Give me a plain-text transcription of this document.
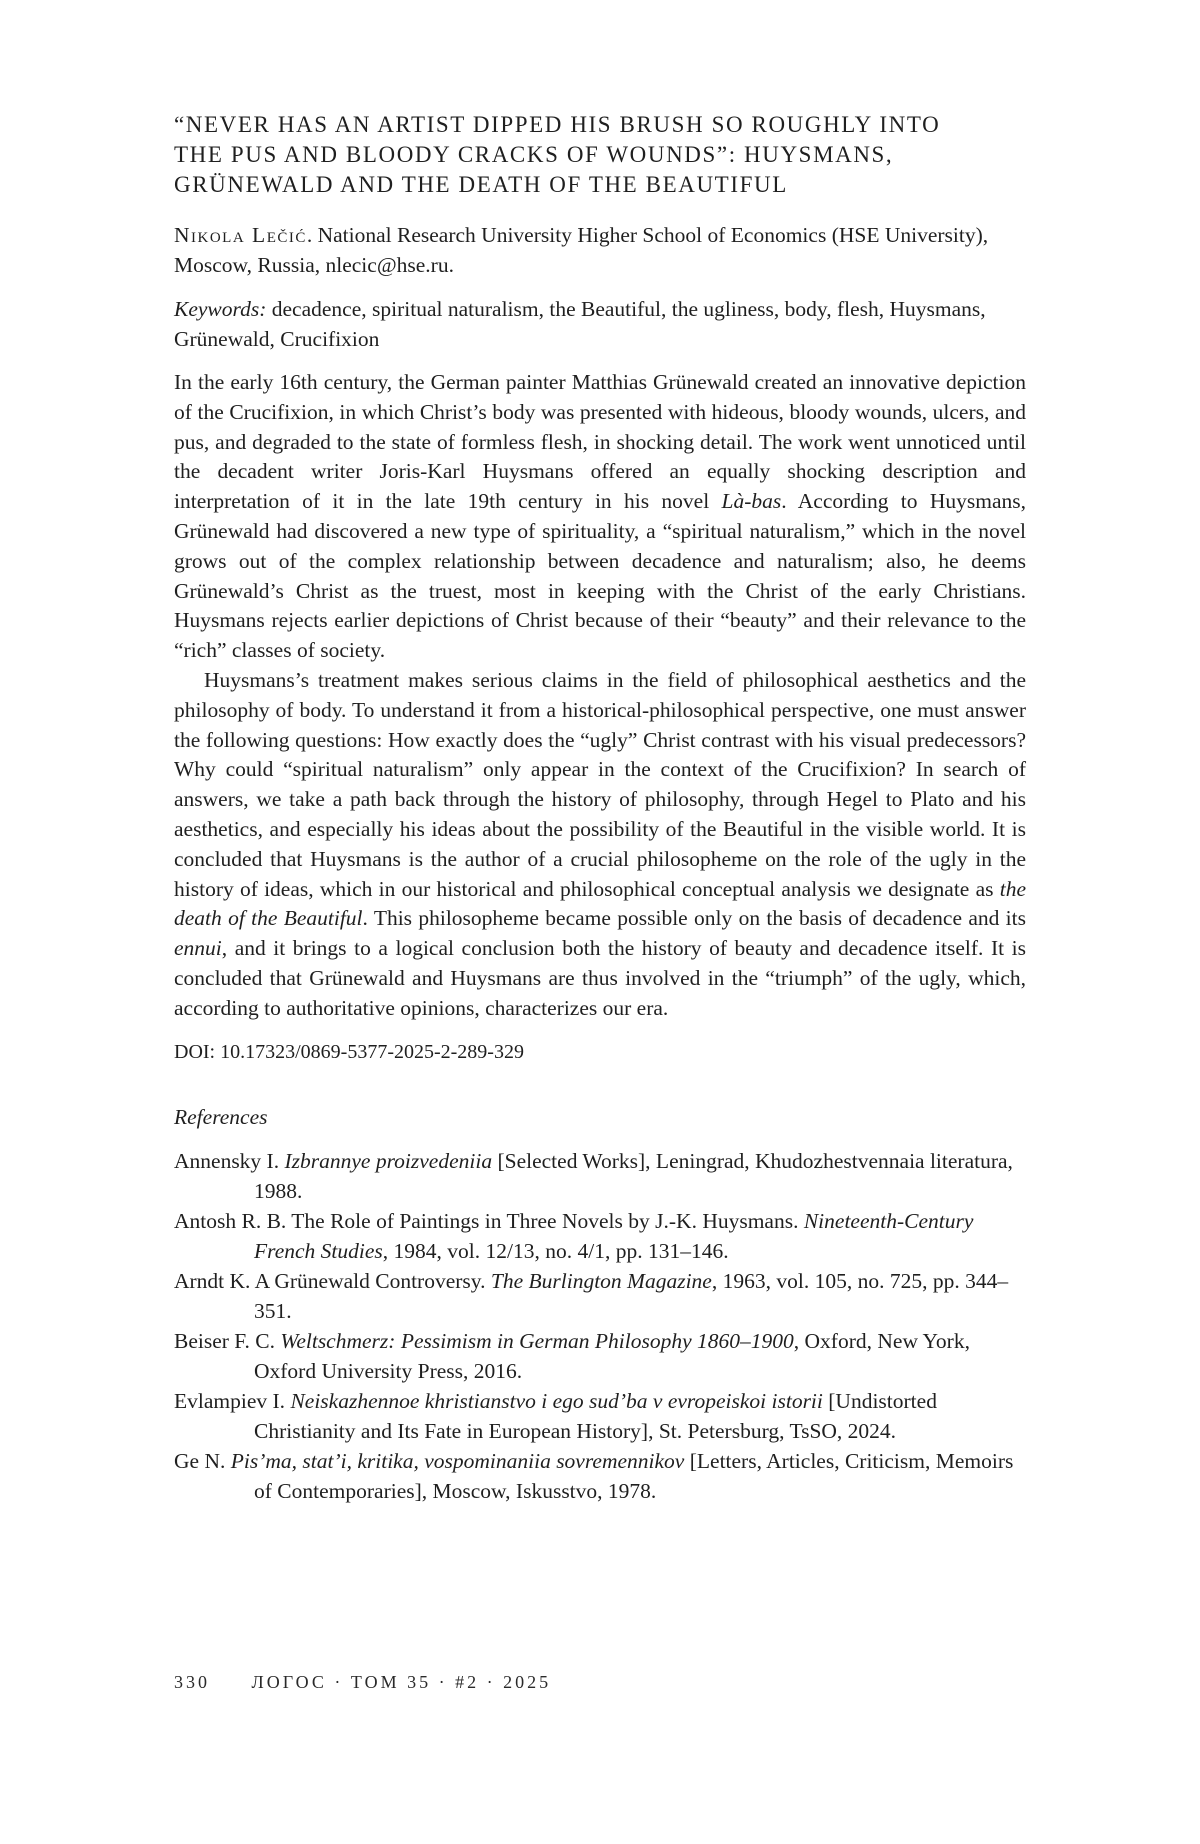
“NEVER HAS AN ARTIST DIPPED HIS BRUSH SO ROUGHLY INTO
THE PUS AND BLOODY CRACKS OF WOUNDS”: HUYSMANS,
GRÜNEWALD AND THE DEATH OF THE BEAUTIFUL

Nikola Lečić. National Research University Higher School of Economics (HSE University), Moscow, Russia, nlecic@hse.ru.

Keywords: decadence, spiritual naturalism, the Beautiful, the ugliness, body, flesh, Huysmans, Grünewald, Crucifixion

In the early 16th century, the German painter Matthias Grünewald created an innovative depiction of the Crucifixion, in which Christ’s body was presented with hideous, bloody wounds, ulcers, and pus, and degraded to the state of formless flesh, in shocking detail. The work went unnoticed until the decadent writer Joris-Karl Huysmans offered an equally shocking description and interpretation of it in the late 19th century in his novel Là-bas. According to Huysmans, Grünewald had discovered a new type of spirituality, a “spiritual naturalism,” which in the novel grows out of the complex relationship between decadence and naturalism; also, he deems Grünewald’s Christ as the truest, most in keeping with the Christ of the early Christians. Huysmans rejects earlier depictions of Christ because of their “beauty” and their relevance to the “rich” classes of society.

Huysmans’s treatment makes serious claims in the field of philosophical aesthetics and the philosophy of body. To understand it from a historical-philosophical perspective, one must answer the following questions: How exactly does the “ugly” Christ contrast with his visual predecessors? Why could “spiritual naturalism” only appear in the context of the Crucifixion? In search of answers, we take a path back through the history of philosophy, through Hegel to Plato and his aesthetics, and especially his ideas about the possibility of the Beautiful in the visible world. It is concluded that Huysmans is the author of a crucial philosopheme on the role of the ugly in the history of ideas, which in our historical and philosophical conceptual analysis we designate as the death of the Beautiful. This philosopheme became possible only on the basis of decadence and its ennui, and it brings to a logical conclusion both the history of beauty and decadence itself. It is concluded that Grünewald and Huysmans are thus involved in the “triumph” of the ugly, which, according to authoritative opinions, characterizes our era.

DOI: 10.17323/0869-5377-2025-2-289-329

References

Annensky I. Izbrannye proizvedeniia [Selected Works], Leningrad, Khudozhestvennaia literatura, 1988.

Antosh R. B. The Role of Paintings in Three Novels by J.-K. Huysmans. Nineteenth-Century French Studies, 1984, vol. 12/13, no. 4/1, pp. 131–146.

Arndt K. A Grünewald Controversy. The Burlington Magazine, 1963, vol. 105, no. 725, pp. 344–351.

Beiser F. C. Weltschmerz: Pessimism in German Philosophy 1860–1900, Oxford, New York, Oxford University Press, 2016.

Evlampiev I. Neiskazhennoe khristianstvo i ego sud’ba v evropeiskoi istorii [Undistorted Christianity and Its Fate in European History], St. Petersburg, TsSO, 2024.

Ge N. Pis’ma, stat’i, kritika, vospominaniia sovremennikov [Letters, Articles, Criticism, Memoirs of Contemporaries], Moscow, Iskusstvo, 1978.

330 ЛОГОС · ТОМ 35 · #2 · 2025
